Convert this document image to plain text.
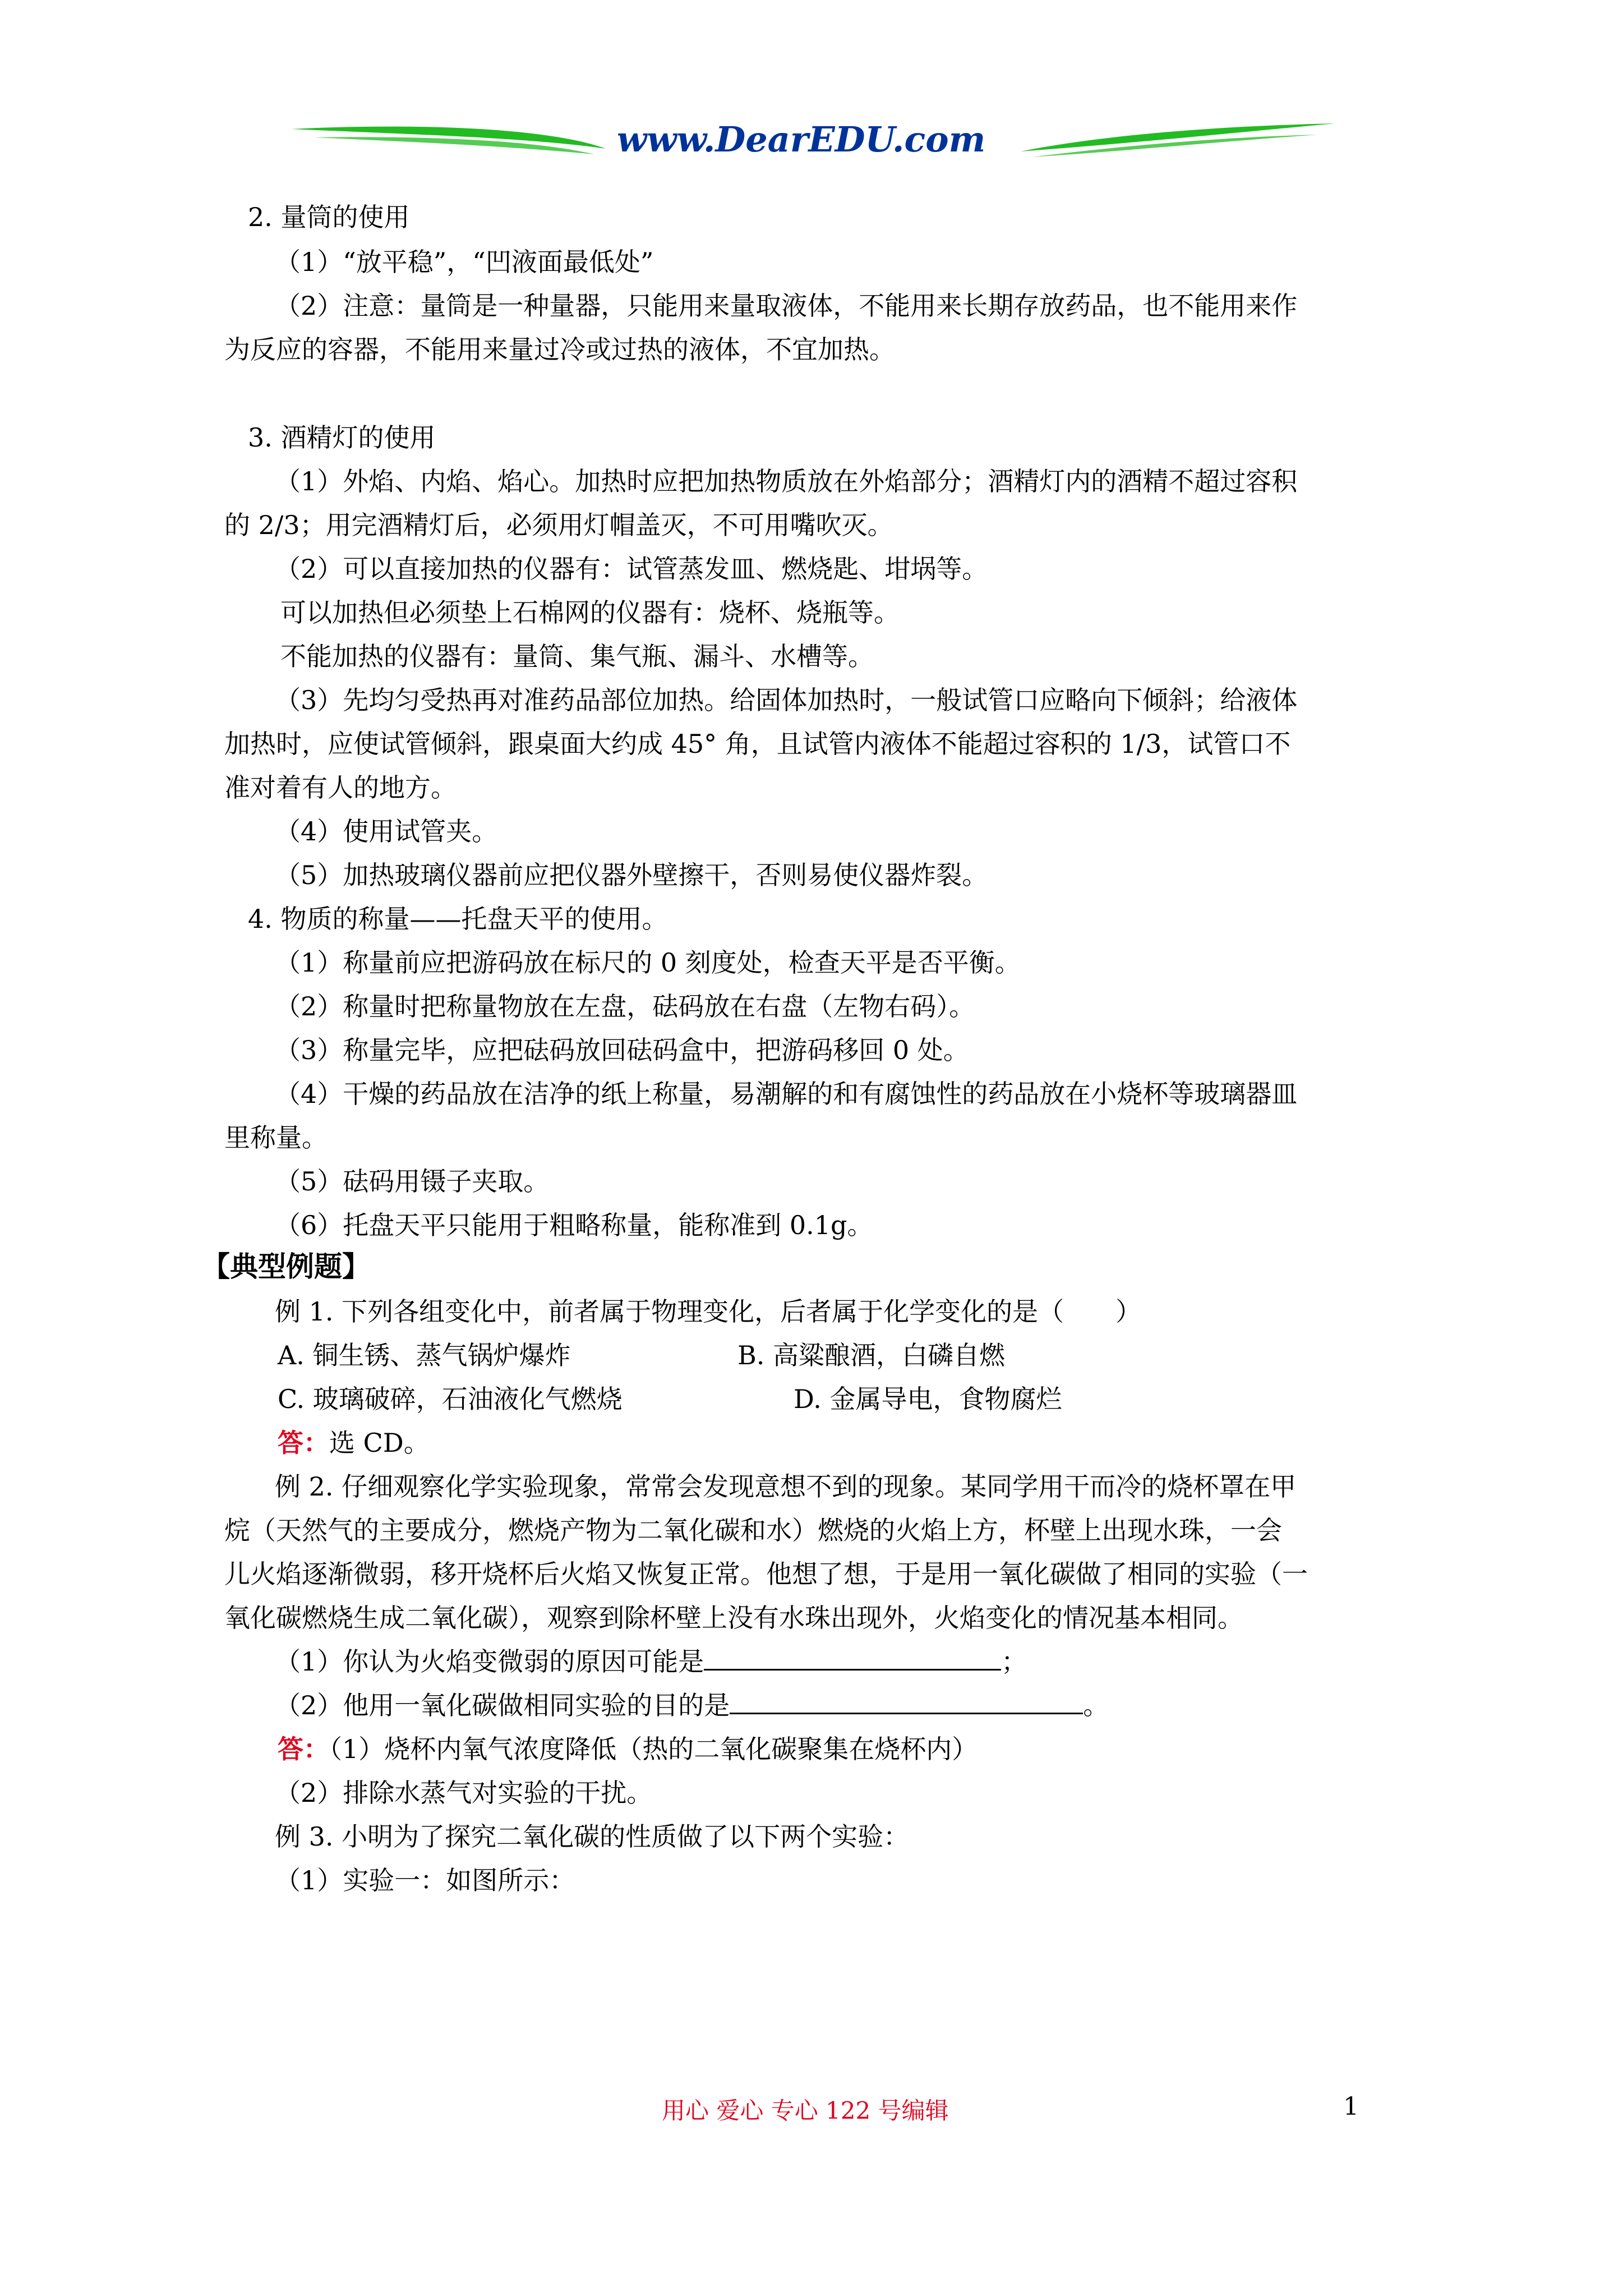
www.DearEDU.com
2. 量筒的使用
（1）“放平稳”，“凹液面最低处”
（2）注意：量筒是一种量器，只能用来量取液体，不能用来长期存放药品，也不能用来作
为反应的容器，不能用来量过冷或过热的液体，不宜加热。
3. 酒精灯的使用
（1）外焰、内焰、焰心。加热时应把加热物质放在外焰部分；酒精灯内的酒精不超过容积
的 2/3；用完酒精灯后，必须用灯帽盖灭，不可用嘴吹灭。
（2）可以直接加热的仪器有：试管蒸发皿、燃烧匙、坩埚等。
可以加热但必须垫上石棉网的仪器有：烧杯、烧瓶等。
不能加热的仪器有：量筒、集气瓶、漏斗、水槽等。
（3）先均匀受热再对准药品部位加热。给固体加热时，一般试管口应略向下倾斜；给液体
加热时，应使试管倾斜，跟桌面大约成 45° 角，且试管内液体不能超过容积的 1/3，试管口不
准对着有人的地方。
（4）使用试管夹。
（5）加热玻璃仪器前应把仪器外壁擦干，否则易使仪器炸裂。
4. 物质的称量——托盘天平的使用。
（1）称量前应把游码放在标尺的 0 刻度处，检查天平是否平衡。
（2）称量时把称量物放在左盘，砝码放在右盘（左物右码）。
（3）称量完毕，应把砝码放回砝码盒中，把游码移回 0 处。
（4）干燥的药品放在洁净的纸上称量，易潮解的和有腐蚀性的药品放在小烧杯等玻璃器皿
里称量。
（5）砝码用镊子夹取。
（6）托盘天平只能用于粗略称量，能称准到 0.1g。
【典型例题】
例 1. 下列各组变化中，前者属于物理变化，后者属于化学变化的是（　　）
A. 铜生锈、蒸气锅炉爆炸	B. 高粱酿酒，白磷自燃
C. 玻璃破碎，石油液化气燃烧	D. 金属导电，食物腐烂
答：选 CD。
例 2. 仔细观察化学实验现象，常常会发现意想不到的现象。某同学用干而冷的烧杯罩在甲
烷（天然气的主要成分，燃烧产物为二氧化碳和水）燃烧的火焰上方，杯壁上出现水珠，一会
儿火焰逐渐微弱，移开烧杯后火焰又恢复正常。他想了想，于是用一氧化碳做了相同的实验（一
氧化碳燃烧生成二氧化碳），观察到除杯壁上没有水珠出现外，火焰变化的情况基本相同。
（1）你认为火焰变微弱的原因可能是	；
（2）他用一氧化碳做相同实验的目的是	。
答：（1）烧杯内氧气浓度降低（热的二氧化碳聚集在烧杯内）
（2）排除水蒸气对实验的干扰。
例 3. 小明为了探究二氧化碳的性质做了以下两个实验：
（1）实验一：如图所示：
用心 爱心 专心 122 号编辑	1
